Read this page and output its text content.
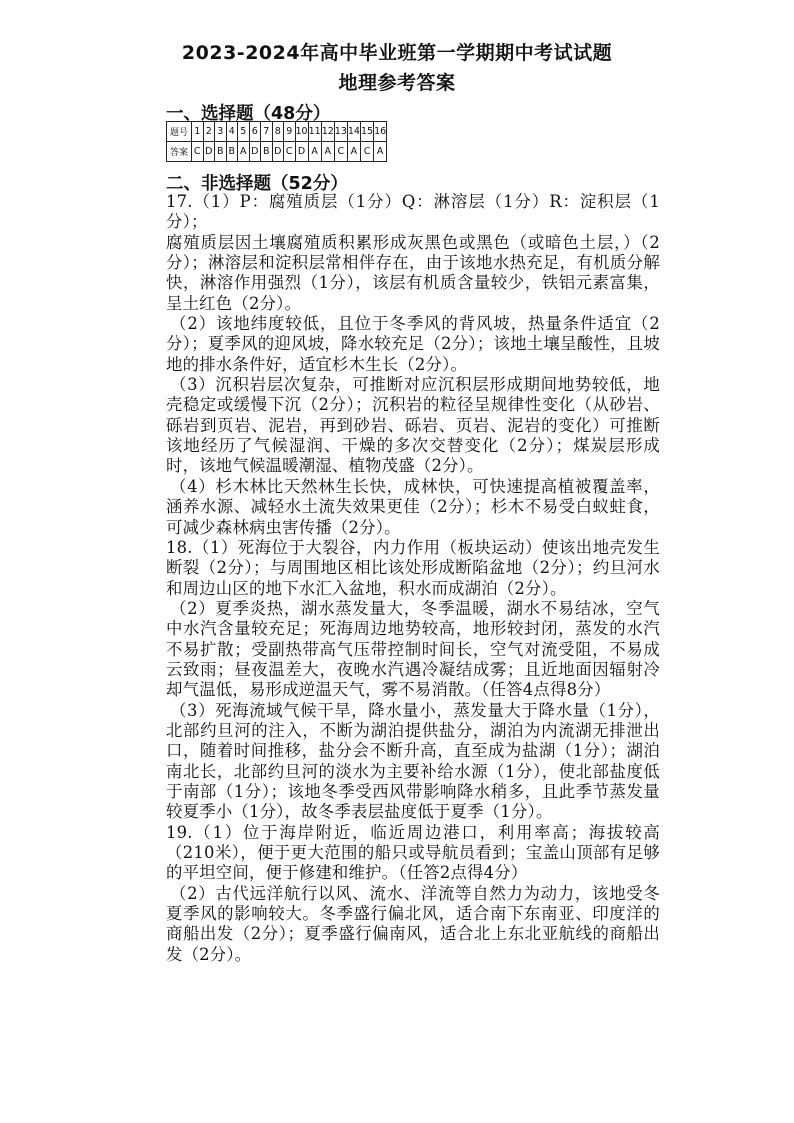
2023-2024年高中毕业班第一学期期中考试试题
地理参考答案
一、选择题（48分）
题号	1	2	3	4	5	6	7	8	9	10	11	12	13	14	15	16
答案	C	D	B	B	A	D	B	D	C	D	A	A	C	A	C	A
二、非选择题（52分）

17.（1）P：腐殖质层（1分）Q：淋溶层（1分）R：淀积层（1分）；

腐殖质层因土壤腐殖质积累形成灰黑色或黑色（或暗色土层，）（2分）；淋溶层和淀积层常相伴存在，由于该地水热充足，有机质分解快，淋溶作用强烈（1分），该层有机质含量较少，铁铝元素富集，呈土红色（2分）。

（2）该地纬度较低，且位于冬季风的背风坡，热量条件适宜（2分）；夏季风的迎风坡，降水较充足（2分）；该地土壤呈酸性，且坡地的排水条件好，适宜杉木生长（2分）。

（3）沉积岩层次复杂，可推断对应沉积层形成期间地势较低，地壳稳定或缓慢下沉（2分）；沉积岩的粒径呈规律性变化（从砂岩、砾岩到页岩、泥岩，再到砂岩、砾岩、页岩、泥岩的变化）可推断该地经历了气候湿润、干燥的多次交替变化（2分）；煤炭层形成时，该地气候温暖潮湿、植物茂盛（2分）。

（4）杉木林比天然林生长快，成林快，可快速提高植被覆盖率，涵养水源、减轻水土流失效果更佳（2分）；杉木不易受白蚁蛀食，可减少森林病虫害传播（2分）。

18.（1）死海位于大裂谷，内力作用（板块运动）使该出地壳发生断裂（2分）；与周围地区相比该处形成断陷盆地（2分）；约旦河水和周边山区的地下水汇入盆地，积水而成湖泊（2分）。

（2）夏季炎热，湖水蒸发量大，冬季温暖，湖水不易结冰，空气中水汽含量较充足；死海周边地势较高，地形较封闭，蒸发的水汽不易扩散；受副热带高气压带控制时间长，空气对流受阻，不易成云致雨；昼夜温差大，夜晚水汽遇冷凝结成雾；且近地面因辐射冷却气温低，易形成逆温天气，雾不易消散。（任答4点得8分）

（3）死海流域气候干旱，降水量小，蒸发量大于降水量（1分），北部约旦河的注入，不断为湖泊提供盐分，湖泊为内流湖无排泄出口，随着时间推移，盐分会不断升高，直至成为盐湖（1分）；湖泊南北长，北部约旦河的淡水为主要补给水源（1分），使北部盐度低于南部（1分）；该地冬季受西风带影响降水稍多，且此季节蒸发量较夏季小（1分），故冬季表层盐度低于夏季（1分）。

19.（1）位于海岸附近，临近周边港口，利用率高；海拔较高（210米），便于更大范围的船只或导航员看到；宝盖山顶部有足够的平坦空间，便于修建和维护。（任答2点得4分）

（2）古代远洋航行以风、流水、洋流等自然力为动力，该地受冬夏季风的影响较大。冬季盛行偏北风，适合南下东南亚、印度洋的商船出发（2分）；夏季盛行偏南风，适合北上东北亚航线的商船出发（2分）。
